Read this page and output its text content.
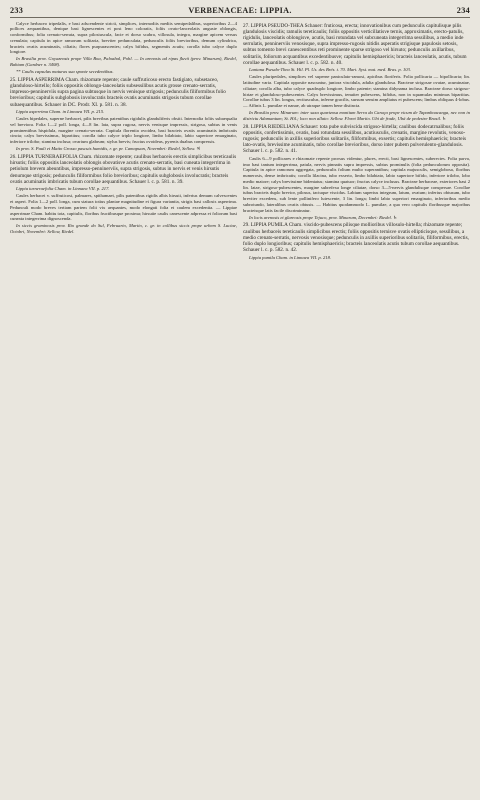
233	VERBENACEAE: LIPPIA.	234

Calyce herbaceo tripedalis, e basi adscendente stricti, simplices, internodiis mediis semipedalibus, superioribus 2—4 pollices aequantibus, denique basi lignescentes et post leno coloratis, foliis ovato-lanceolatis anguste oblongis, conformibus; folia crenato-serrata, supra pilosiuscula, facie et dorso scabra, villosula, integra, margine apicem versus crenulata; capitula in apice ramorum solitaria, breviter pedunculata, pedunculis foliis brevioribus, demum cylindrica, bracteis ovatis acuminatis, ciliatis; flores purpurascentes; calyx bifidus, segmentis acutis; corolla tubo calyce duplo longiore.

In Brasilia prov. Goyazensis prope Villa Boa, Paloabal, Pohl. — In arenosis ad ripas fluvii (prov. Minarum), Riedel, Bahiam (Gardner n. 3408).

** Caulis capsulas maturas sua sponte secedentibus.

25. LIPPIA ASPERRIMA Cham. rhizomate repente; caule suffruticoso erecto fastigiato, subsetaceo, glanduloso-hirtello; foliis oppositis oblongo-lanceolatis subsessilibus acutis grosse crenato-serratis, impresso-penninerviis supra pagina subtusque in nervis venisque strigosis; pedunculis filiformibus folio brevioribus; capitulis subglobosis involucratis bracteis ovatis acuminatis strigosis tubum corollae subaequantibus. Schauer in DC. Prodr. XI. p. 581. n. 38.

Lippia asperrima Cham. in Linnaea VII. p. 215.

Caules bipedales, superne herbacei, pilis brevibus patentibus rigidulis glanduliferis obsiti. Internodia foliis subaequalia vel breviora. Folia 1—2 poll. longa, 4—8 lin. lata, supra rugosa, nervis venisque impressis, strigosa, subtus in venis prominentibus hispidula, margine crenato-serrata. Capitula florentia ovoidea, basi bracteis ovatis acuminatis imbricatis cincta; calyx brevissimus, bipartitus; corolla tubo calyce triplo longiore, limbo bilabiato, labio superiore emarginato, inferiore trilobo; stamina inclusa; ovarium glabrum; stylus brevis; fructus ovoideus, pyrenis duabus compressis.

In prov. S. Pauli et Matto Grosso pascuis humidis, r. gr. pr. Camapuan, Novembri: Riedel, Sellow. ♃

26. LIPPIA TURNERAEFOLIA Cham. rhizomate repente; caulibus herbaceis erectis simplicibus tereticaulis hirsutis; foliis oppositis lanceolatis oblongis obovatisve acutis crenato-serratis, basi cuneata integerrima in petiolum brevem abeuntibus, impresso-penninerviis, supra strigosis, subtus in nervis et venis hirsutis denumque strigosis; pedunculis filiformibus folio brevioribus; capitulis subglobosis involucratis; bracteis ovatis acuminatis imbricatis tubum corollae aequantibus. Schauer l. c. p. 581. n. 39.

Lippia turneraefolia Cham. in Linnaea VII. p. 217.

Caules herbacei v. suffruticosi, palmares, spithamaei, pilis patentibus rigidis albis hirsuti, inferius demum calvescentes et asperi. Folia 1—2 poll. longa, cum statura totius plantae magnitudine et figura variantia, strigis basi callosis asperrima. Pedunculi modo breves tertiam partem folii vix aequantes, modo elongati folia et caulem excedentia. — Lippiae asperrimae Cham. habitu tota, capitulis, floribus fructibusque proxima; hirsutie caulis canescente adpressa et foliorum basi cuneata integerrima dignoscenda.

In siccis graminosis prov. Rio grande do Sul, Februario, Martio, c. gr. in collibus siccis prope urbem S. Luciae, Octobri, Novembri: Sellow, Riedel.

27. LIPPIA PSEUDO-THEA Schauer: fruticosa, erecta; innovationibus cum pedunculis capitulisque pilis glandulosis viscidis; ramulis tereticaulis; foliis oppositis verticillatisve ternis, approximatis, erecto-patulis, rigidulis, lanceolatis oblongisve, acutis, basi rotundata vel subcuneata integerrima sessilibus, a medio inde serrulatis, penninerviis venosisque, supra impresso-rugosis nitidis asperatis strigisque papulosis setosis, subtus tomento brevi canescentibus reti prominente sparse strigoso vel hirsuto; pedunculis axillaribus, solitariis, foliorum acquantibus excedentibusve; capitulis hemisphaericis; bracteis lanceolatis, acutis, tubum corollae aequantibus. Schauer l. c. p. 582. n. 40.

Lantana Pseudo-Thea St. Hil. Pl. Us. des Brés. t. 70. Mart. Syst. mat. med. Bras. p. 103.

Caules pluripedales, simplices vel superne paniculato-ramosi, apicibus floriferis. Folia pollicaria — bipollicaria; lin. latitudine varia. Capitula opposite nascuntur, juniora viscidula, adulta glandulosa. Bracteae strigosae ovatae, acuminatae, ciliatae; corolla alba, tubo calyce quadruplo longiore, limbo patente; stamina didynama inclusa. Bracteae dorso strigoso-hirtae et glanduloso-pubescentes. Calyx brevissimus, tenuiter pubescens, bifidus, non in squamulas minimas bipartitus. Corollae tubus 3 lin. longus, rectiusculus, inferne gracilis, sursum sensim ampliatus et pubescens; limbus obliquus 4-lobus. — Affinis L. pumilae et nanae, ab utraque tamen bene distincta.

In Brasilia prov. Minarum: inter saxa quartzosa montium Serra da Caraça prope vicum de Tapanhoacanga, nec non in districtu Adamantum; St. Hil.; loco non allato: Sellow. Floret Martio. Ubi de frade, Ubá de pedestre Brasil. ♄

28. LIPPIA RIEDELIANA Schauer: tota pube subviscida strigoso-hirtella; caulibus dodecatrnalibus; foliis oppositis, confertissimis, ovatis, basi rotundata sessilibus, acutiusculis, crenatis, margine revolutis, venoso-rugosis; pedunculis in axillis superioribus solitariis, filiformibus, exsertis; capitulis hemisphaericis; bracteis lato-ovatis, brevissime acuminatis, tubo corollae brevioribus, dorso inter pubem pulverulento-glandulosis. Schauer l. c. p. 582. n. 41.

Caulis 6—9 pollicares e rhizomate repente prorsus videntur, plures, erecti, basi lignescentes, suberectes. Folia parva, imo basi tantum integerrima, patula, nervis pinnatis supra impressis, subtus prominulis (folia pedunculorum opposita). Capitula in apice ramorum aggregata, pedunculis folium multo superantibus; capitula majusculis, semiglobosa, floribus numerosis, dense imbricatis; corolla lilacina, tubo exserto, limbo bilabiato, labio superiore bifido, inferiore trilobo, lobo medio maiore; calyx brevissime bidentatus; stamina quatuor; fructus calyce inclusus. Bracteae herbaceae, exteriores basi 2 lin. latae, strigoso-pubescentes, margine subrefexa longe ciliatae, dorso 3—5-nervis glandulisque conspersae. Corollae tubus bracteis duplo brevior, pilosus, tactuque viscidus. Labium superius integrum, latum, ovatum; inferius obtusum, tubo breviter excedens, sub lente pollinifero lutescente, 3 lin. longa; limbi labio superiori emarginato, inferioribus medio subrotundo, lateralibus ovatis obtusis. — Habitus quodammodo L. pumilae, a qua vero capitulis floribusque majoribus bracteisque latis facile discriminatur.

In locis arenosis et glareosis prope Tejuco, prov. Minarum, Decembri: Riedel. ♄

29. LIPPIA PUMILA Cham. viscido-pubescens pilisque mollioribus villosulo-hirtella; rhizomate repente; caulibus herbaceis tereticaulis simplicibus erectis; foliis oppositis ternisve ovatis ellipticisque, sessilibus, a medio crenato-serratis, nervosis venosisque; pedunculis in axillis superioribus solitariis, filiformibus, erectis, folio duplo longioribus; capitulis hemisphaericis; bracteis lanceolatis acutis tubum corollae aequantibus. Schauer l. c. p. 582. n. 42.

Lippia pumila Cham. in Linnaea VII. p. 218.
